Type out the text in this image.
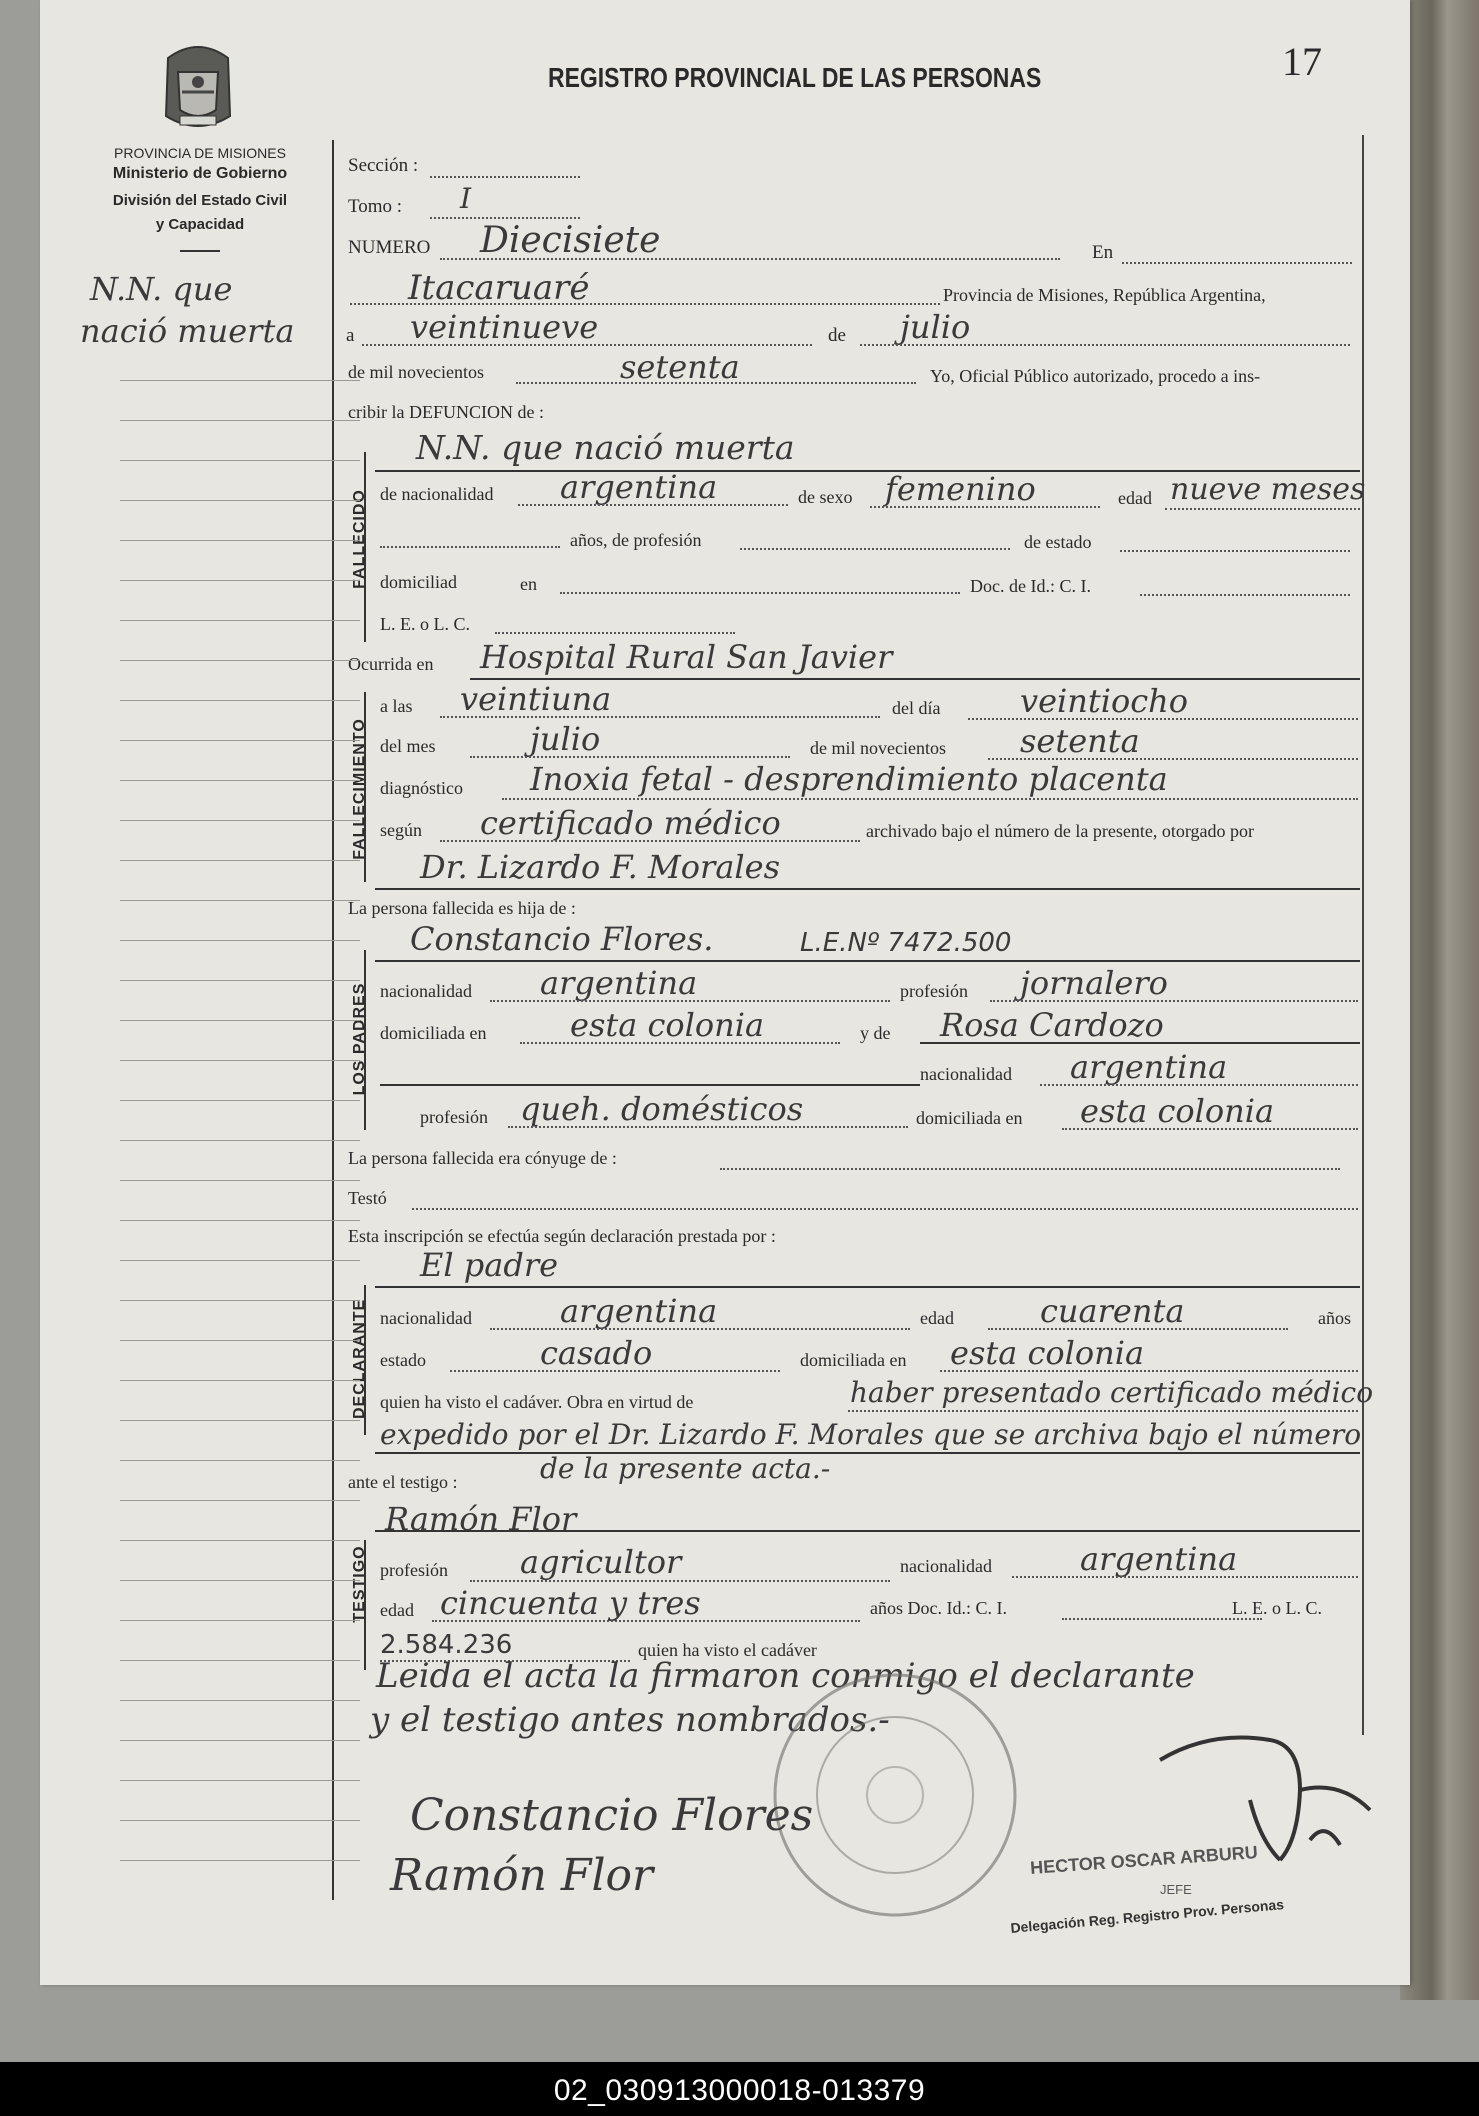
PROVINCIA DE MISIONES
Ministerio de Gobierno
División del Estado Civil
y Capacidad
REGISTRO PROVINCIAL DE LAS PERSONAS	17
N.N. que
nació muerta
FALLECIDO
FALLECIMIENTO
LOS PADRES
DECLARANTE
TESTIGO
Sección :
Tomo : I
NUMERO Diecisiete	En
Itacaruaré	Provincia de Misiones, República Argentina,
a veintinueve	de julio
de mil novecientos	setenta	Yo, Oficial Público autorizado, procedo a ins-
cribir la DEFUNCION de :
N.N. que nació muerta
de nacionalidad argentina	de sexo femenino	edad nueve meses
años, de profesión	de estado
domiciliad	en	Doc. de Id.: C. I.
L. E. o L. C.
Ocurrida en Hospital Rural San Javier
a las veintiuna	del día veintiocho
del mes	julio	de mil novecientos setenta
diagnóstico Inoxia fetal - desprendimiento placenta
según certificado médico	archivado bajo el número de la presente, otorgado por
Dr. Lizardo F. Morales
La persona fallecida es hija de :
Constancio Flores.	L.E.Nº 7472.500
nacionalidad argentina	profesión jornalero
domiciliada en	esta colonia	y de Rosa Cardozo
nacionalidad argentina
profesión queh. domésticos	domiciliada en esta colonia
La persona fallecida era cónyuge de :
Testó
Esta inscripción se efectúa según declaración prestada por :
El padre
nacionalidad	argentina	edad	cuarenta	años
estado	casado	domiciliada en esta colonia
quien ha visto el cadáver. Obra en virtud de	haber presentado certificado médico
expedido por el Dr. Lizardo F. Morales que se archiva bajo el número
ante el testigo :	de la presente acta.-
Ramón Flor
profesión agricultor	nacionalidad	argentina
edad cincuenta y tres	años Doc. Id.: C. I.	L. E. o L. C.
2.584.236	quien ha visto el cadáver
Leida el acta la firmaron conmigo el declarante
y el testigo antes nombrados.-
Constancio Flores
Ramón Flor	HECTOR OSCAR ARBURU
JEFE
Delegación Reg. Registro Prov. Personas
02_030913000018-013379
